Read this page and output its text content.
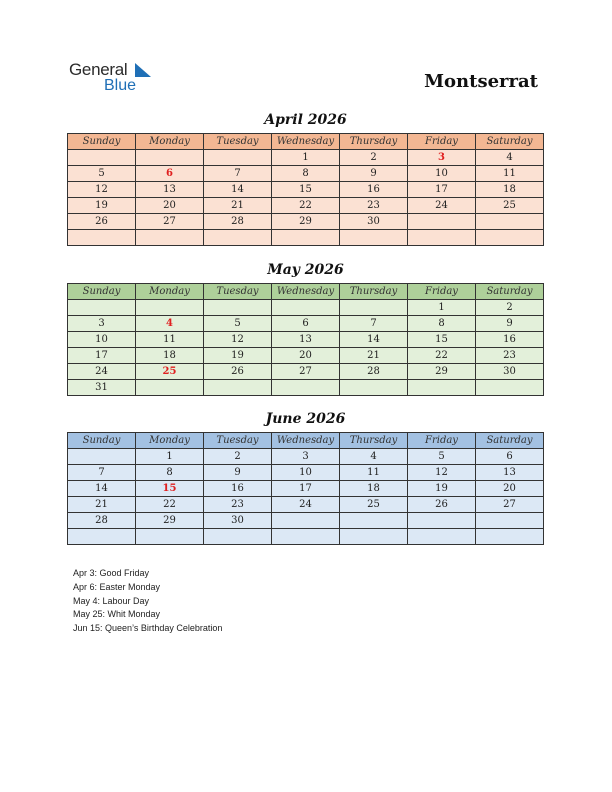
General
Blue	Montserrat
April 2026
Sunday	Monday	Tuesday	Wednesday	Thursday	Friday	Saturday
			1	2	3	4
5	6	7	8	9	10	11
12	13	14	15	16	17	18
19	20	21	22	23	24	25
26	27	28	29	30		

May 2026
Sunday	Monday	Tuesday	Wednesday	Thursday	Friday	Saturday
					1	2
3	4	5	6	7	8	9
10	11	12	13	14	15	16
17	18	19	20	21	22	23
24	25	26	27	28	29	30
31						
June 2026
Sunday	Monday	Tuesday	Wednesday	Thursday	Friday	Saturday
	1	2	3	4	5	6
7	8	9	10	11	12	13
14	15	16	17	18	19	20
21	22	23	24	25	26	27
28	29	30				

Apr 3: Good Friday
Apr 6: Easter Monday
May 4: Labour Day
May 25: Whit Monday
Jun 15: Queen’s Birthday Celebration
